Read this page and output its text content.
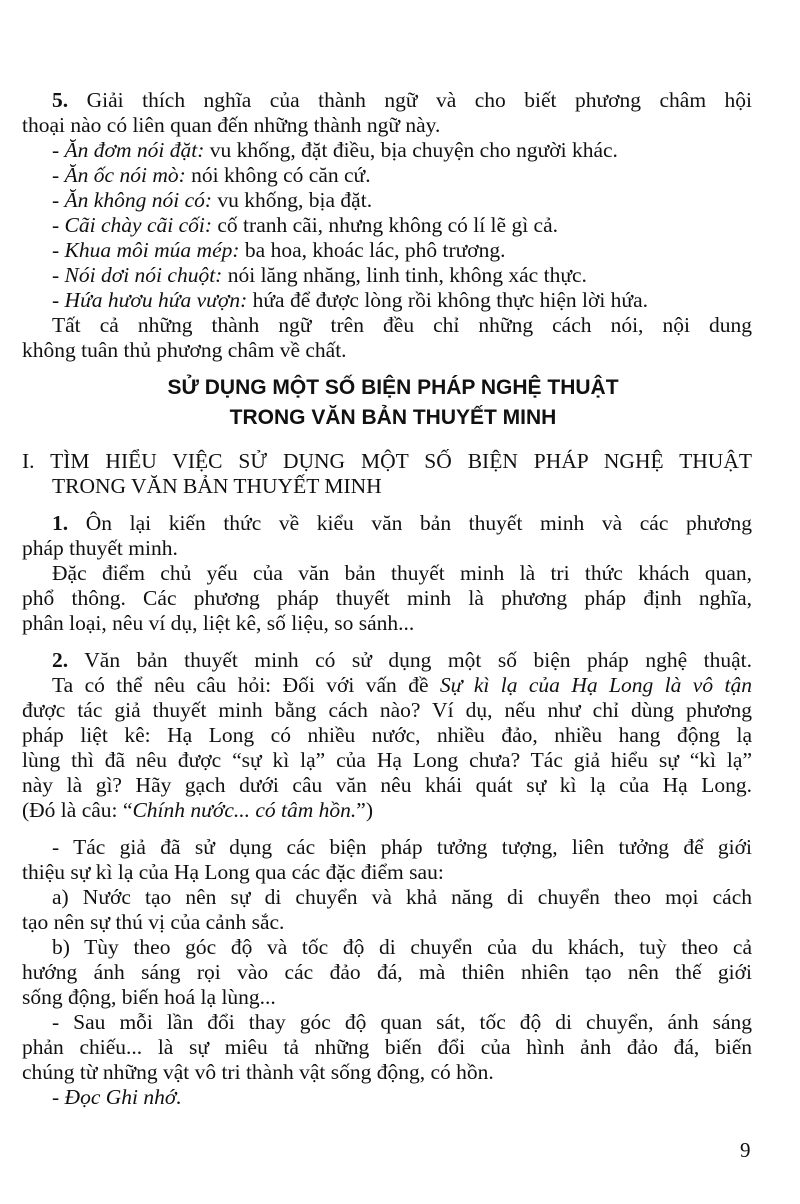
5. Giải thích nghĩa của thành ngữ và cho biết phương châm hội
thoại nào có liên quan đến những thành ngữ này.
- Ăn đơm nói đặt: vu khống, đặt điều, bịa chuyện cho người khác.
- Ăn ốc nói mò: nói không có căn cứ.
- Ăn không nói có: vu khống, bịa đặt.
- Cãi chày cãi cối: cố tranh cãi, nhưng không có lí lẽ gì cả.
- Khua môi múa mép: ba hoa, khoác lác, phô trương.
- Nói dơi nói chuột: nói lăng nhăng, linh tinh, không xác thực.
- Hứa hươu hứa vượn: hứa để được lòng rồi không thực hiện lời hứa.
Tất cả những thành ngữ trên đều chỉ những cách nói, nội dung
không tuân thủ phương châm về chất.
SỬ DỤNG MỘT SỐ BIỆN PHÁP NGHỆ THUẬT
TRONG VĂN BẢN THUYẾT MINH
I. TÌM HIỂU VIỆC SỬ DỤNG MỘT SỐ BIỆN PHÁP NGHỆ THUẬT
TRONG VĂN BẢN THUYẾT MINH
1. Ôn lại kiến thức về kiểu văn bản thuyết minh và các phương
pháp thuyết minh.
Đặc điểm chủ yếu của văn bản thuyết minh là tri thức khách quan,
phổ thông. Các phương pháp thuyết minh là phương pháp định nghĩa,
phân loại, nêu ví dụ, liệt kê, số liệu, so sánh...
2. Văn bản thuyết minh có sử dụng một số biện pháp nghệ thuật.
Ta có thể nêu câu hỏi: Đối với vấn đề Sự kì lạ của Hạ Long là vô tận
được tác giả thuyết minh bằng cách nào? Ví dụ, nếu như chỉ dùng phương
pháp liệt kê: Hạ Long có nhiều nước, nhiều đảo, nhiều hang động lạ
lùng thì đã nêu được “sự kì lạ” của Hạ Long chưa? Tác giả hiểu sự “kì lạ”
này là gì? Hãy gạch dưới câu văn nêu khái quát sự kì lạ của Hạ Long.
(Đó là câu: “Chính nước... có tâm hồn.”)
- Tác giả đã sử dụng các biện pháp tưởng tượng, liên tưởng để giới
thiệu sự kì lạ của Hạ Long qua các đặc điểm sau:
a) Nước tạo nên sự di chuyển và khả năng di chuyển theo mọi cách
tạo nên sự thú vị của cảnh sắc.
b) Tùy theo góc độ và tốc độ di chuyển của du khách, tuỳ theo cả
hướng ánh sáng rọi vào các đảo đá, mà thiên nhiên tạo nên thế giới
sống động, biến hoá lạ lùng...
- Sau mỗi lần đổi thay góc độ quan sát, tốc độ di chuyển, ánh sáng
phản chiếu... là sự miêu tả những biến đổi của hình ảnh đảo đá, biến
chúng từ những vật vô tri thành vật sống động, có hồn.
- Đọc Ghi nhớ.
9
